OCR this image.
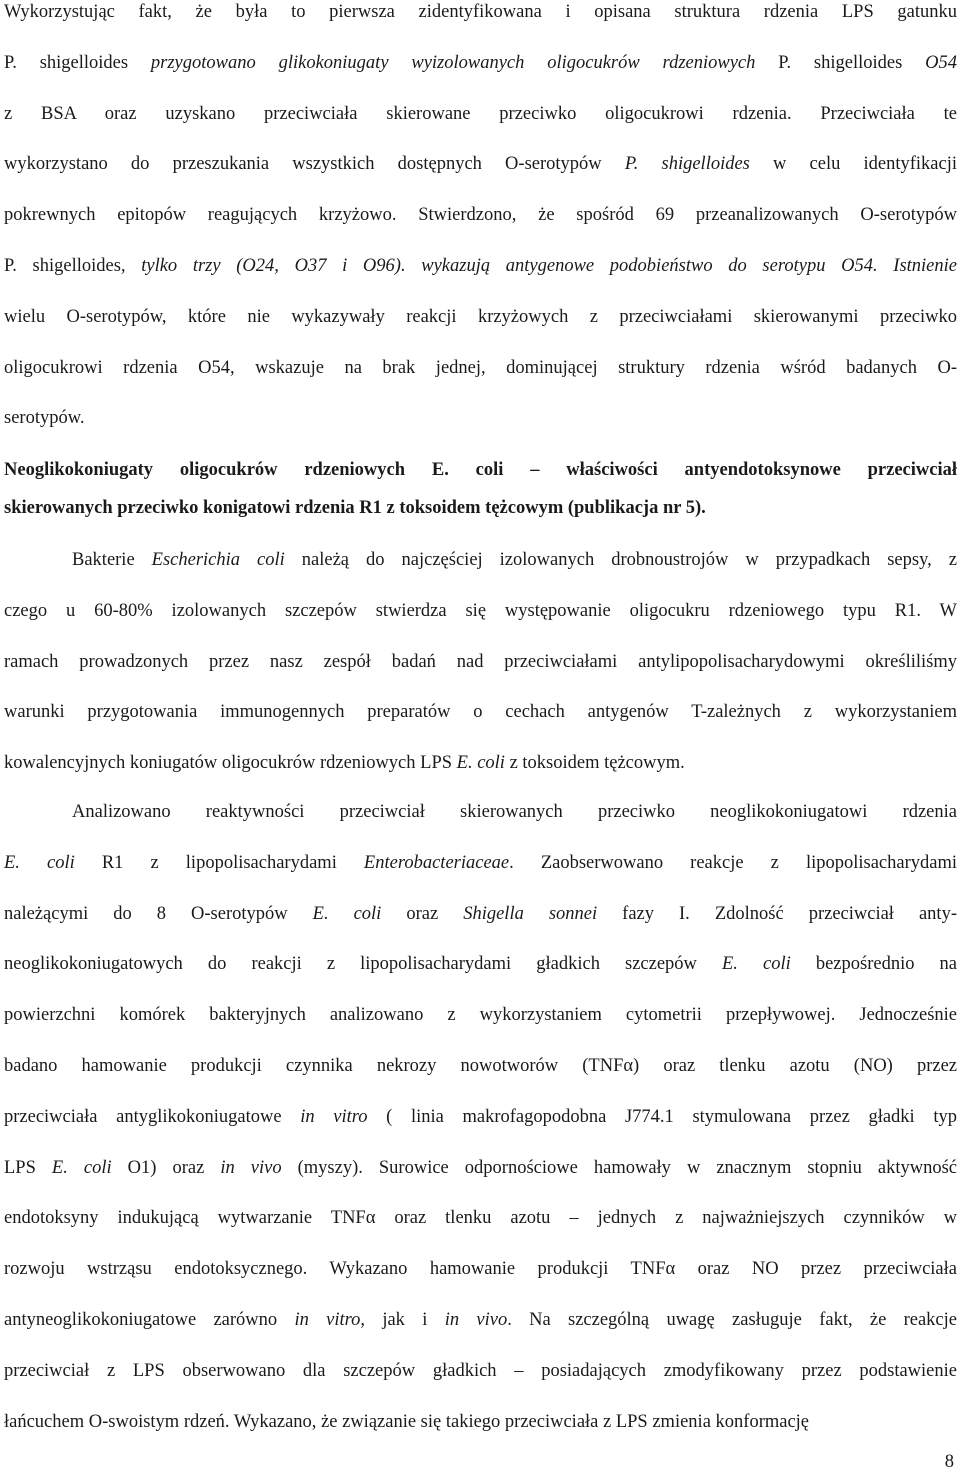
Wykorzystując fakt, że była to pierwsza zidentyfikowana i opisana struktura rdzenia LPS gatunku
P. shigelloides przygotowano glikokoniugaty wyizolowanych oligocukrów rdzeniowych P. shigelloides O54
z BSA oraz uzyskano przeciwciała skierowane przeciwko oligocukrowi rdzenia. Przeciwciała te
wykorzystano do przeszukania wszystkich dostępnych O-serotypów P. shigelloides w celu identyfikacji
pokrewnych epitopów reagujących krzyżowo. Stwierdzono, że spośród 69 przeanalizowanych O-serotypów
P. shigelloides, tylko trzy (O24, O37 i O96). wykazują antygenowe podobieństwo do serotypu O54. Istnienie
wielu O-serotypów, które nie wykazywały reakcji krzyżowych z przeciwciałami skierowanymi przeciwko
oligocukrowi rdzenia O54, wskazuje na brak jednej, dominującej struktury rdzenia wśród badanych O-
serotypów.
Neoglikokoniugaty oligocukrów rdzeniowych E. coli – właściwości antyendotoksynowe przeciwciał
skierowanych przeciwko konigatowi rdzenia R1 z toksoidem tężcowym (publikacja nr 5).
Bakterie Escherichia coli należą do najczęściej izolowanych drobnoustrojów w przypadkach sepsy, z
czego u 60-80% izolowanych szczepów stwierdza się występowanie oligocukru rdzeniowego typu R1. W
ramach prowadzonych przez nasz zespół badań nad przeciwciałami antylipopolisacharydowymi określiliśmy
warunki przygotowania immunogennych preparatów o cechach antygenów T-zależnych z wykorzystaniem
kowalencyjnych koniugatów oligocukrów rdzeniowych LPS E. coli z toksoidem tężcowym.
Analizowano reaktywności przeciwciał skierowanych przeciwko neoglikokoniugatowi rdzenia
E. coli R1 z lipopolisacharydami Enterobacteriaceae. Zaobserwowano reakcje z lipopolisacharydami
należącymi do 8 O-serotypów E. coli oraz Shigella sonnei fazy I. Zdolność przeciwciał anty-
neoglikokoniugatowych do reakcji z lipopolisacharydami gładkich szczepów E. coli bezpośrednio na
powierzchni komórek bakteryjnych analizowano z wykorzystaniem cytometrii przepływowej. Jednocześnie
badano hamowanie produkcji czynnika nekrozy nowotworów (TNFα) oraz tlenku azotu (NO) przez
przeciwciała antyglikokoniugatowe in vitro ( linia makrofagopodobna J774.1 stymulowana przez gładki typ
LPS E. coli O1) oraz in vivo (myszy). Surowice odpornościowe hamowały w znacznym stopniu aktywność
endotoksyny indukującą wytwarzanie TNFα oraz tlenku azotu – jednych z najważniejszych czynników w
rozwoju wstrząsu endotoksycznego. Wykazano hamowanie produkcji TNFα oraz NO przez przeciwciała
antyneoglikokoniugatowe zarówno in vitro, jak i in vivo. Na szczególną uwagę zasługuje fakt, że reakcje
przeciwciał z LPS obserwowano dla szczepów gładkich – posiadających zmodyfikowany przez podstawienie
łańcuchem O-swoistym rdzeń. Wykazano, że związanie się takiego przeciwciała z LPS zmienia konformację
8
